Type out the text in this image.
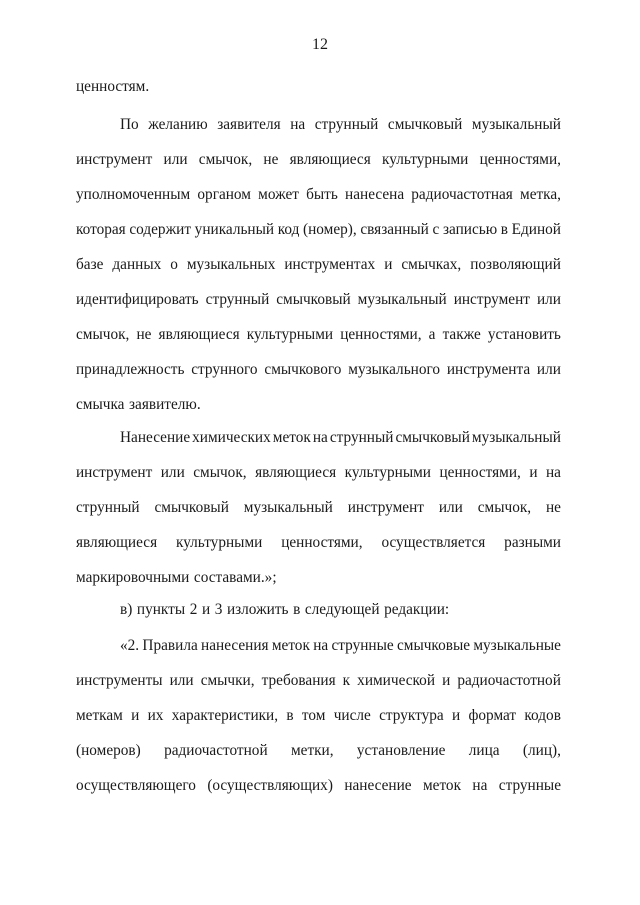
12
ценностям.
По желанию заявителя на струнный смычковый музыкальный
инструмент или смычок, не являющиеся культурными ценностями,
уполномоченным органом может быть нанесена радиочастотная метка,
которая содержит уникальный код (номер), связанный с записью в Единой
базе данных о музыкальных инструментах и смычках, позволяющий
идентифицировать струнный смычковый музыкальный инструмент или
смычок, не являющиеся культурными ценностями, а также установить
принадлежность струнного смычкового музыкального инструмента или
смычка заявителю.
Нанесение химических меток на струнный смычковый музыкальный
инструмент или смычок, являющиеся культурными ценностями, и на
струнный смычковый музыкальный инструмент или смычок, не
являющиеся культурными ценностями, осуществляется разными
маркировочными составами.»;
в) пункты 2 и 3 изложить в следующей редакции:
«2. Правила нанесения меток на струнные смычковые музыкальные
инструменты или смычки, требования к химической и радиочастотной
меткам и их характеристики, в том числе структура и формат кодов
(номеров) радиочастотной метки, установление лица (лиц),
осуществляющего (осуществляющих) нанесение меток на струнные
